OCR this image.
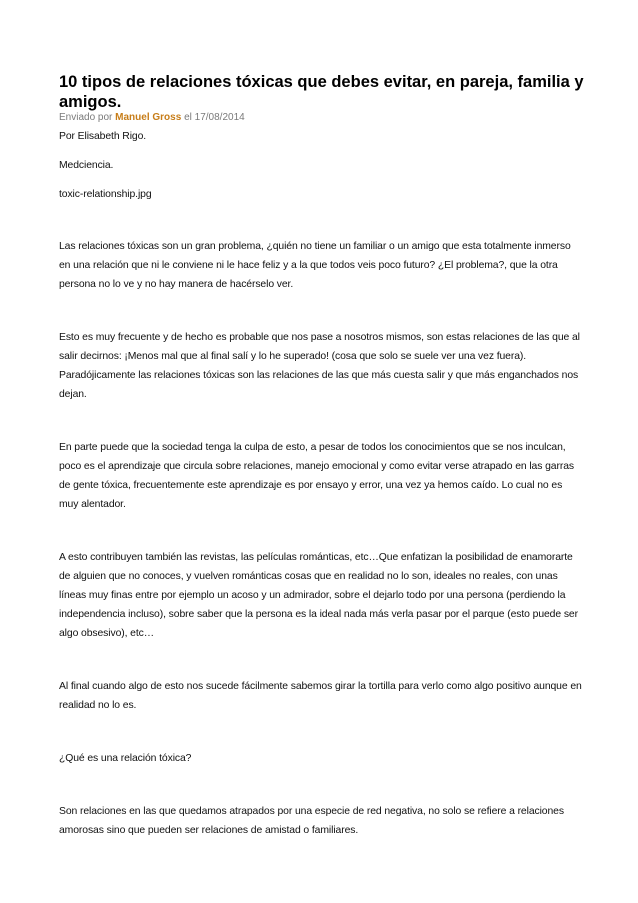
10 tipos de relaciones tóxicas que debes evitar, en pareja, familia y amigos.

Enviado por Manuel Gross el 17/08/2014

Por Elisabeth Rigo.

Medciencia.

toxic-relationship.jpg

Las relaciones tóxicas son un gran problema, ¿quién no tiene un familiar o un amigo que esta totalmente inmerso en una relación que ni le conviene ni le hace feliz y a la que todos veis poco futuro? ¿El problema?, que la otra persona no lo ve y no hay manera de hacérselo ver.

Esto es muy frecuente y de hecho es probable que nos pase a nosotros mismos, son estas relaciones de las que al salir decirnos: ¡Menos mal que al final salí y lo he superado! (cosa que solo se suele ver una vez fuera). Paradójicamente las relaciones tóxicas son las relaciones de las que más cuesta salir y que más enganchados nos dejan.

En parte puede que la sociedad tenga la culpa de esto, a pesar de todos los conocimientos que se nos inculcan, poco es el aprendizaje que circula sobre relaciones, manejo emocional y como evitar verse atrapado en las garras de gente tóxica, frecuentemente este aprendizaje es por ensayo y error, una vez ya hemos caído. Lo cual no es muy alentador.

A esto contribuyen también las revistas, las películas románticas, etc…Que enfatizan la posibilidad de enamorarte de alguien que no conoces, y vuelven románticas cosas que en realidad no lo son, ideales no reales, con unas líneas muy finas entre por ejemplo un acoso y un admirador, sobre el dejarlo todo por una persona (perdiendo la independencia incluso), sobre saber que la persona es la ideal nada más verla pasar por el parque (esto puede ser algo obsesivo), etc…

Al final cuando algo de esto nos sucede fácilmente sabemos girar la tortilla para verlo como algo positivo aunque en realidad no lo es.

¿Qué es una relación tóxica?

Son relaciones en las que quedamos atrapados por una especie de red negativa, no solo se refiere a relaciones amorosas sino que pueden ser relaciones de amistad o familiares.
